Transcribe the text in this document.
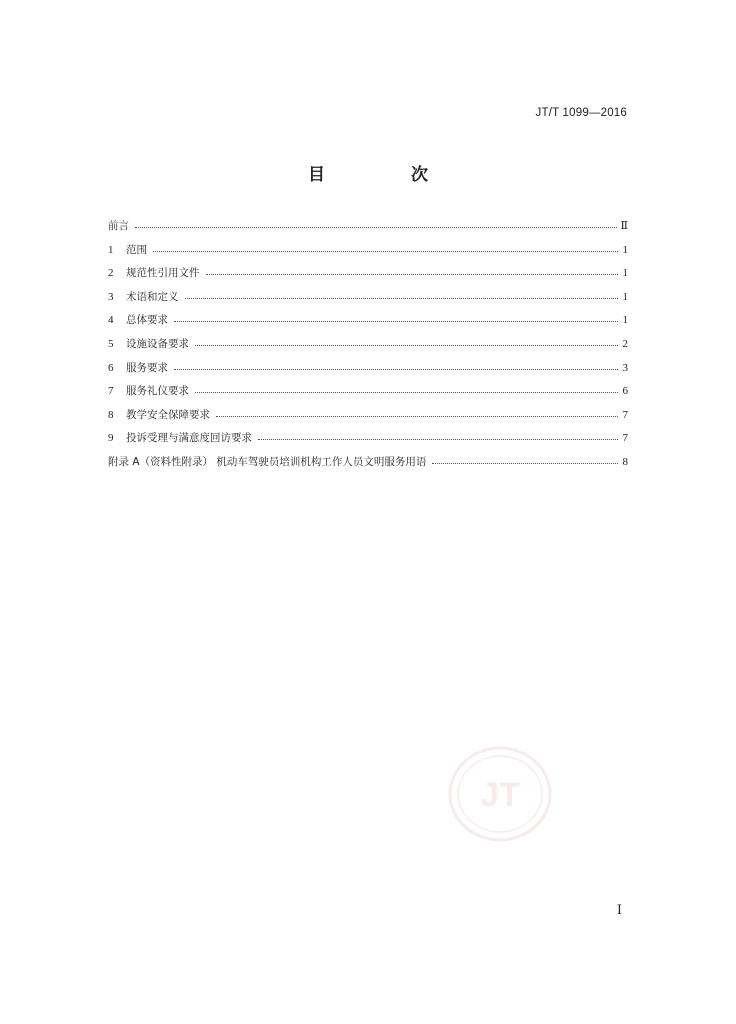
JT/T 1099—2016
目 次
前言	Ⅱ
1	范围	1
2	规范性引用文件	1
3	术语和定义	1
4	总体要求	1
5	设施设备要求	2
6	服务要求	3
7	服务礼仪要求	6
8	教学安全保障要求	7
9	投诉受理与满意度回访要求	7
附录 A（资料性附录） 机动车驾驶员培训机构工作人员文明服务用语	8
JT
Ⅰ
